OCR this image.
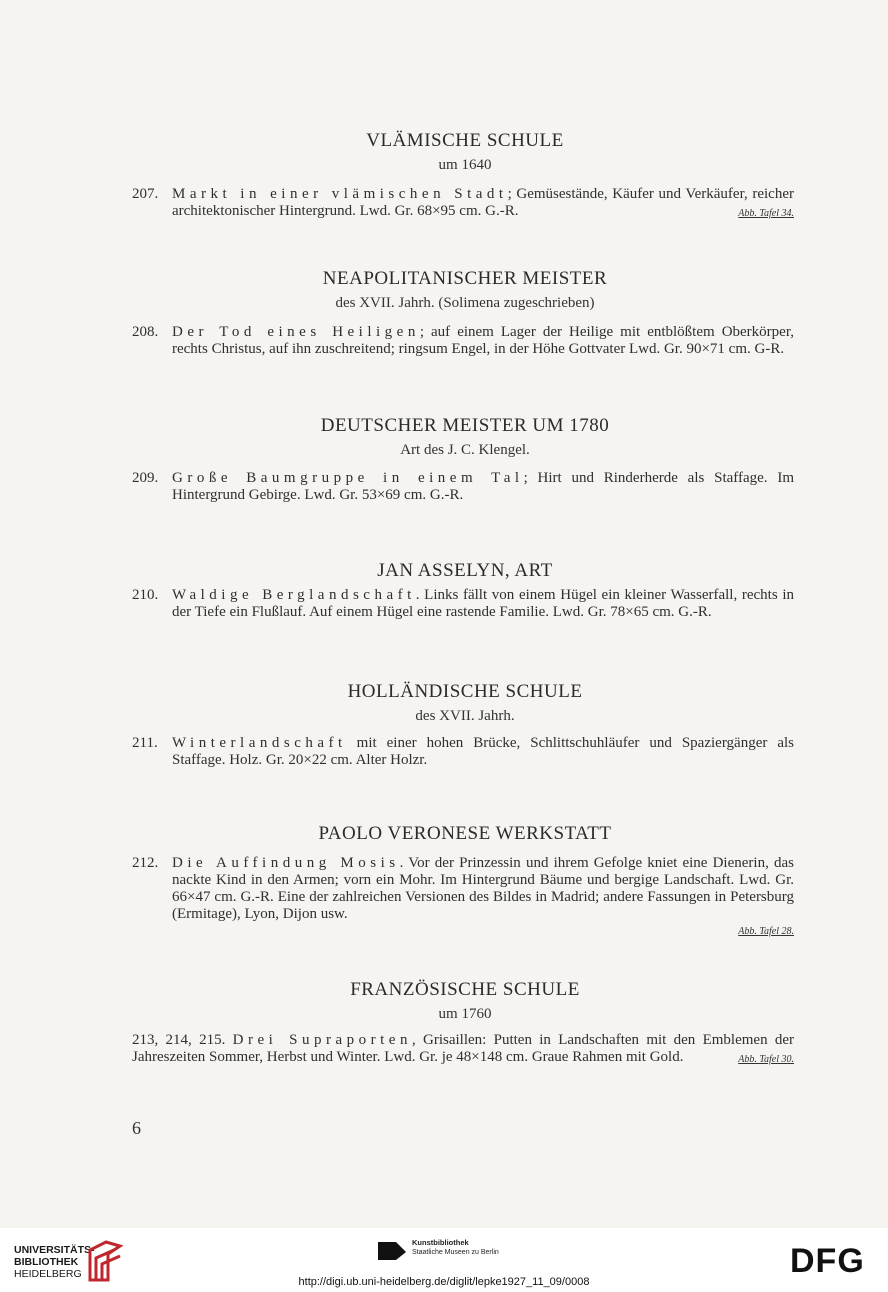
VLÄMISCHE SCHULE
um 1640
207. Markt in einer vlämischen Stadt; Gemüsestände, Käufer und Verkäufer, reicher architektonischer Hintergrund. Lwd. Gr. 68×95 cm. G.-R.	Abb. Tafel 34.
NEAPOLITANISCHER MEISTER
des XVII. Jahrh. (Solimena zugeschrieben)
208. Der Tod eines Heiligen; auf einem Lager der Heilige mit entblößtem Oberkörper, rechts Christus, auf ihn zuschreitend; ringsum Engel, in der Höhe Gottvater Lwd. Gr. 90×71 cm. G-R.
DEUTSCHER MEISTER UM 1780
Art des J. C. Klengel.
209. Große Baumgruppe in einem Tal; Hirt und Rinderherde als Staffage. Im Hintergrund Gebirge. Lwd. Gr. 53×69 cm. G.-R.
JAN ASSELYN, ART
210. Waldige Berglandschaft. Links fällt von einem Hügel ein kleiner Wasserfall, rechts in der Tiefe ein Flußlauf. Auf einem Hügel eine rastende Familie. Lwd. Gr. 78×65 cm. G.-R.
HOLLÄNDISCHE SCHULE
des XVII. Jahrh.
211. Winterlandschaft mit einer hohen Brücke, Schlittschuhläufer und Spaziergänger als Staffage. Holz. Gr. 20×22 cm. Alter Holzr.
PAOLO VERONESE WERKSTATT
212. Die Auffindung Mosis. Vor der Prinzessin und ihrem Gefolge kniet eine Dienerin, das nackte Kind in den Armen; vorn ein Mohr. Im Hintergrund Bäume und bergige Landschaft. Lwd. Gr. 66×47 cm. G.-R. Eine der zahlreichen Versionen des Bildes in Madrid; andere Fassungen in Petersburg (Ermitage), Lyon, Dijon usw.
Abb. Tafel 28.
FRANZÖSISCHE SCHULE
um 1760
213, 214, 215. Drei Supraporten, Grisaillen: Putten in Landschaften mit den Emblemen der Jahreszeiten Sommer, Herbst und Winter. Lwd. Gr. je 48×148 cm. Graue Rahmen mit Gold.	Abb. Tafel 30.
6
UNIVERSITÄTS-
BIBLIOTHEK
HEIDELBERG
Kunstbibliothek
Staatliche Museen zu Berlin	DFG
http://digi.ub.uni-heidelberg.de/diglit/lepke1927_11_09/0008
